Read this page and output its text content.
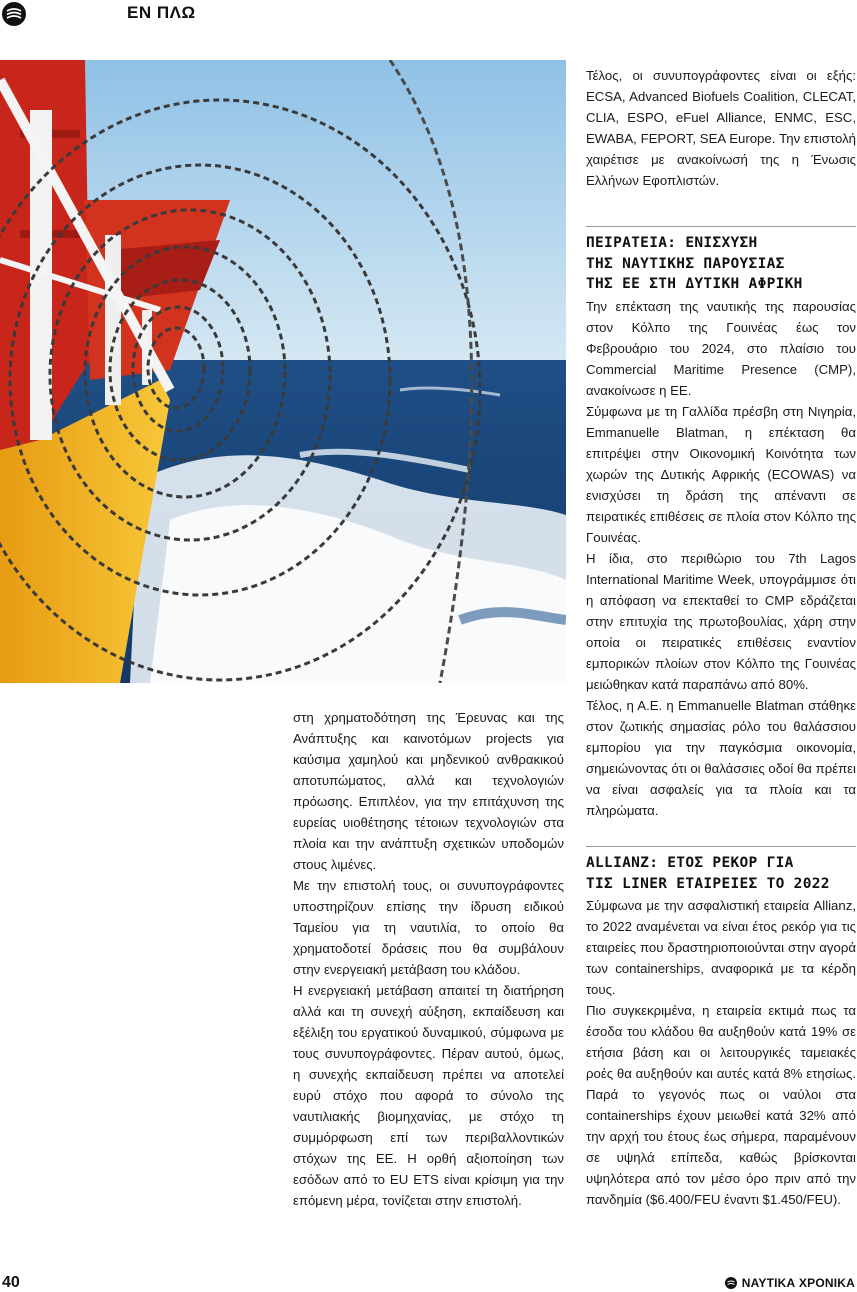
ΕΝ ΠΛΩ

στη χρηματοδότηση της Έρευνας και της Ανάπτυξης και καινοτόμων projects για καύσιμα χαμηλού και μηδενικού ανθρακικού αποτυπώματος, αλλά και τεχνολογιών πρόωσης. Επιπλέον, για την επιτάχυνση της ευρείας υιοθέτησης τέτοιων τεχνολογιών στα πλοία και την ανάπτυξη σχετικών υποδομών στους λιμένες.

Με την επιστολή τους, οι συνυπογράφοντες υποστηρίζουν επίσης την ίδρυση ειδικού Ταμείου για τη ναυτιλία, το οποίο θα χρηματοδοτεί δράσεις που θα συμβάλουν στην ενεργειακή μετάβαση του κλάδου.

Η ενεργειακή μετάβαση απαιτεί τη διατήρηση αλλά και τη συνεχή αύξηση, εκπαίδευση και εξέλιξη του εργατικού δυναμικού, σύμφωνα με τους συνυπογράφοντες. Πέραν αυτού, όμως, η συνεχής εκπαίδευση πρέπει να αποτελεί ευρύ στόχο που αφορά το σύνολο της ναυτιλιακής βιομηχανίας, με στόχο τη συμμόρφωση επί των περιβαλλοντικών στόχων της ΕΕ. Η ορθή αξιοποίηση των εσόδων από το EU ETS είναι κρίσιμη για την επόμενη μέρα, τονίζεται στην επιστολή.

Τέλος, οι συνυπογράφοντες είναι οι εξής: ECSA, Advanced Biofuels Coalition, CLECAT, CLIA, ESPO, eFuel Alliance, ENMC, ESC, EWABA, FEPORT, SEA Europe. Την επιστολή χαιρέτισε με ανακοίνωσή της η Ένωσις Ελλήνων Εφοπλιστών.

ΠΕΙΡΑΤΕΙΑ: ΕΝΙΣΧΥΣΗ
ΤΗΣ ΝΑΥΤΙΚΗΣ ΠΑΡΟΥΣΙΑΣ
ΤΗΣ ΕΕ ΣΤΗ ΔΥΤΙΚΗ ΑΦΡΙΚΗ

Την επέκταση της ναυτικής της παρουσίας στον Κόλπο της Γουινέας έως τον Φεβρουάριο του 2024, στο πλαίσιο του Commercial Maritime Presence (CMP), ανακοίνωσε η ΕΕ.

Σύμφωνα με τη Γαλλίδα πρέσβη στη Νιγηρία, Emmanuelle Blatman, η επέκταση θα επιτρέψει στην Οικονομική Κοινότητα των χωρών της Δυτικής Αφρικής (ECOWAS) να ενισχύσει τη δράση της απέναντι σε πειρατικές επιθέσεις σε πλοία στον Κόλπο της Γουινέας.

Η ίδια, στο περιθώριο του 7th Lagos International Maritime Week, υπογράμμισε ότι η απόφαση να επεκταθεί το CMP εδράζεται στην επιτυχία της πρωτοβουλίας, χάρη στην οποία οι πειρατικές επιθέσεις εναντίον εμπορικών πλοίων στον Κόλπο της Γουινέας μειώθηκαν κατά παραπάνω από 80%.

Τέλος, η Α.Ε. η Emmanuelle Blatman στάθηκε στον ζωτικής σημασίας ρόλο του θαλάσσιου εμπορίου για την παγκόσμια οικονομία, σημειώνοντας ότι οι θαλάσσιες οδοί θα πρέπει να είναι ασφαλείς για τα πλοία και τα πληρώματα.

ALLIANZ: ΕΤΟΣ ΡΕΚΟΡ ΓΙΑ
ΤΙΣ LINER ΕΤΑΙΡΕΙΕΣ ΤΟ 2022

Σύμφωνα με την ασφαλιστική εταιρεία Allianz, το 2022 αναμένεται να είναι έτος ρεκόρ για τις εταιρείες που δραστηριοποιούνται στην αγορά των containerships, αναφορικά με τα κέρδη τους.

Πιο συγκεκριμένα, η εταιρεία εκτιμά πως τα έσοδα του κλάδου θα αυξηθούν κατά 19% σε ετήσια βάση και οι λειτουργικές ταμειακές ροές θα αυξηθούν και αυτές κατά 8% ετησίως. Παρά το γεγονός πως οι ναύλοι στα containerships έχουν μειωθεί κατά 32% από την αρχή του έτους έως σήμερα, παραμένουν σε υψηλά επίπεδα, καθώς βρίσκονται υψηλότερα από τον μέσο όρο πριν από την πανδημία ($6.400/FEU έναντι $1.450/FEU).

40	ΝΑΥΤΙΚΑ ΧΡΟΝΙΚΑ
